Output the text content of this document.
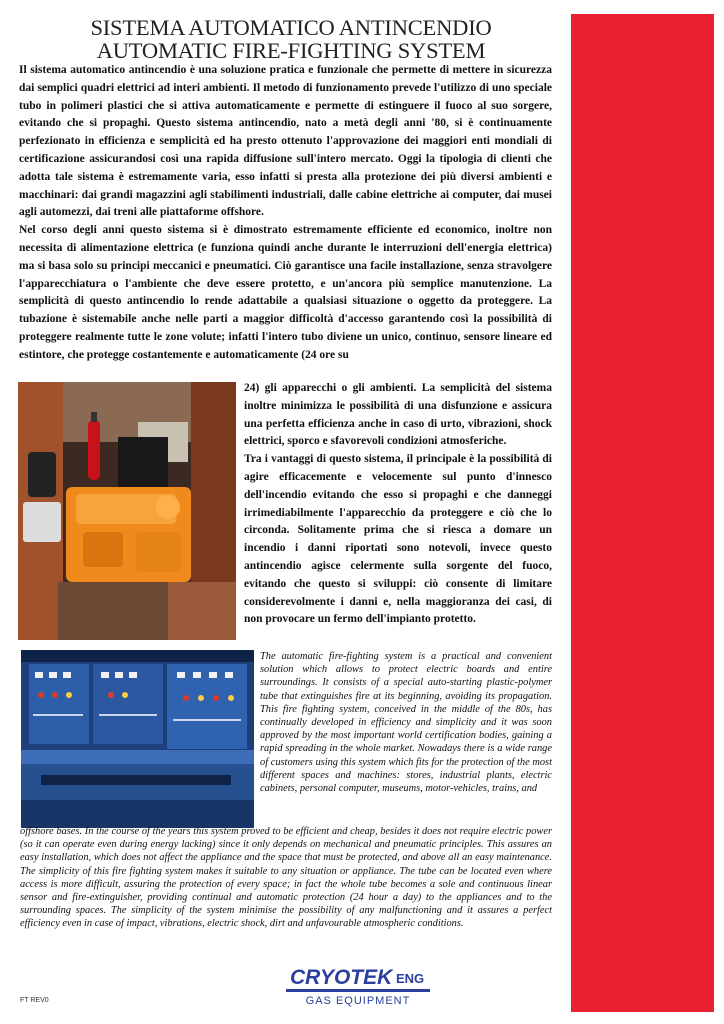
SISTEMA AUTOMATICO ANTINCENDIO
AUTOMATIC FIRE-FIGHTING SYSTEM

Il sistema automatico antincendio è una soluzione pratica e funzionale che permette di mettere in sicurezza dai semplici quadri elettrici ad interi ambienti. Il metodo di funzionamento prevede l'utilizzo di uno speciale tubo in polimeri plastici che si attiva automaticamente e permette di estinguere il fuoco al suo sorgere, evitando che si propaghi. Questo sistema antincendio, nato a metà degli anni '80, si è continuamente perfezionato in efficienza e semplicità ed ha presto ottenuto l'approvazione dei maggiori enti mondiali di certificazione assicurandosi così una rapida diffusione sull'intero mercato. Oggi la tipologia di clienti che adotta tale sistema è estremamente varia, esso infatti si presta alla protezione dei più diversi ambienti e macchinari: dai grandi magazzini agli stabilimenti industriali, dalle cabine elettriche ai computer, dai musei agli automezzi, dai treni alle piattaforme offshore.

Nel corso degli anni questo sistema si è dimostrato estremamente efficiente ed economico, inoltre non necessita di alimentazione elettrica (e funziona quindi anche durante le interruzioni dell'energia elettrica) ma si basa solo su principi meccanici e pneumatici. Ciò garantisce una facile installazione, senza stravolgere l'apparecchiatura o l'ambiente che deve essere protetto, e un'ancora più semplice manutenzione. La semplicità di questo antincendio lo rende adattabile a qualsiasi situazione o oggetto da proteggere. La tubazione è sistemabile anche nelle parti a maggior difficoltà d'accesso garantendo così la possibilità di proteggere realmente tutte le zone volute; infatti l'intero tubo diviene un unico, continuo, sensore lineare ed estintore, che protegge costantemente e automaticamente (24 ore su

24) gli apparecchi o gli ambienti. La semplicità del sistema inoltre minimizza le possibilità di una disfunzione e assicura una perfetta efficienza anche in caso di urto, vibrazioni, shock elettrici, sporco e sfavorevoli condizioni atmosferiche.

Tra i vantaggi di questo sistema, il principale è la possibilità di agire efficacemente e velocemente sul punto d'innesco dell'incendio evitando che esso si propaghi e che danneggi irrimediabilmente l'apparecchio da proteggere e ciò che lo circonda. Solitamente prima che si riesca a domare un incendio i danni riportati sono notevoli, invece questo antincendio agisce celermente sulla sorgente del fuoco, evitando che questo si sviluppi: ciò consente di limitare considerevolmente i danni e, nella maggioranza dei casi, di non provocare un fermo dell'impianto protetto.

The automatic fire-fighting system is a practical and convenient solution which allows to protect electric boards and entire surroundings. It consists of a special auto-starting plastic-polymer tube that extinguishes fire at its beginning, avoiding its propagation. This fire fighting system, conceived in the middle of the 80s, has continually developed in efficiency and simplicity and it was soon approved by the most important world certification bodies, gaining a rapid spreading in the whole market. Nowadays there is a wide range of customers using this system which fits for the protection of the most different spaces and machines: stores, industrial plants, electric cabinets, personal computer, museums, motor-vehicles, trains, and

offshore bases. In the course of the years this system proved to be efficient and cheap, besides it does not require electric power (so it can operate even during energy lacking) since it only depends on mechanical and pneumatic principles. This assures an easy installation, which does not affect the appliance and the space that must be protected, and above all an easy maintenance. The simplicity of this fire fighting system makes it suitable to any situation or appliance. The tube can be located even where access is more difficult, assuring the protection of every space; in fact the whole tube becomes a sole and continuous linear sensor and fire-extinguisher, providing continual and automatic protection (24 hour a day) to the appliances and to the surrounding spaces. The simplicity of the system minimise the possibility of any malfunctioning and it assures a perfect efficiency even in case of impact, vibrations, electric shock, dirt and unfavourable atmospheric conditions.

CRYOTEK ENG
GAS EQUIPMENT
FT REV0
